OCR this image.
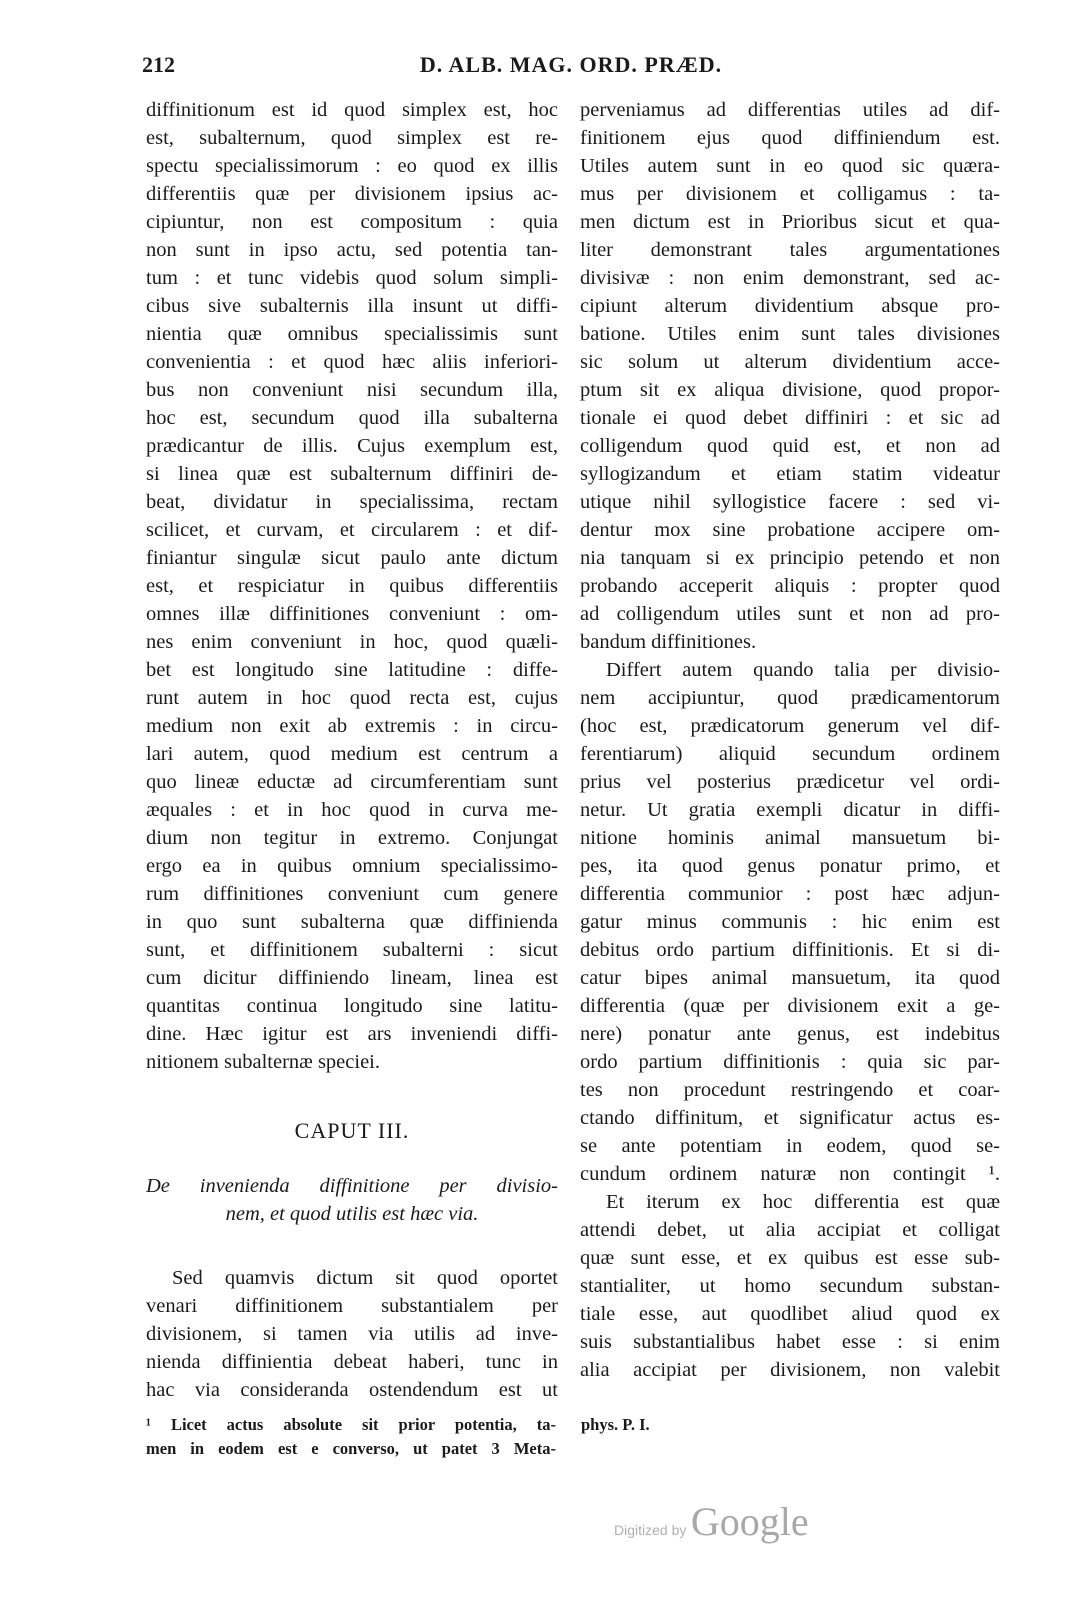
212	D. ALB. MAG. ORD. PRÆD.
diffinitionum est id quod simplex est, hoc
est, subalternum, quod simplex est re-
spectu specialissimorum : eo quod ex illis
differentiis quæ per divisionem ipsius ac-
cipiuntur, non est compositum : quia
non sunt in ipso actu, sed potentia tan-
tum : et tunc videbis quod solum simpli-
cibus sive subalternis illa insunt ut diffi-
nientia quæ omnibus specialissimis sunt
convenientia : et quod hæc aliis inferiori-
bus non conveniunt nisi secundum illa,
hoc est, secundum quod illa subalterna
prædicantur de illis. Cujus exemplum est,
si linea quæ est subalternum diffiniri de-
beat, dividatur in specialissima, rectam
scilicet, et curvam, et circularem : et dif-
finiantur singulæ sicut paulo ante dictum
est, et respiciatur in quibus differentiis
omnes illæ diffinitiones conveniunt : om-
nes enim conveniunt in hoc, quod quæli-
bet est longitudo sine latitudine : diffe-
runt autem in hoc quod recta est, cujus
medium non exit ab extremis : in circu-
lari autem, quod medium est centrum a
quo lineæ eductæ ad circumferentiam sunt
æquales : et in hoc quod in curva me-
dium non tegitur in extremo. Conjungat
ergo ea in quibus omnium specialissimo-
rum diffinitiones conveniunt cum genere
in quo sunt subalterna quæ diffinienda
sunt, et diffinitionem subalterni : sicut
cum dicitur diffiniendo lineam, linea est
quantitas continua longitudo sine latitu-
dine. Hæc igitur est ars inveniendi diffi-
nitionem subalternæ speciei.
CAPUT III.
De invenienda diffinitione per divisio-
nem, et quod utilis est hæc via.
Sed quamvis dictum sit quod oportet
venari diffinitionem substantialem per
divisionem, si tamen via utilis ad inve-
nienda diffinientia debeat haberi, tunc in
hac via consideranda ostendendum est ut
perveniamus ad differentias utiles ad dif-
finitionem ejus quod diffiniendum est.
Utiles autem sunt in eo quod sic quæra-
mus per divisionem et colligamus : ta-
men dictum est in Prioribus sicut et qua-
liter demonstrant tales argumentationes
divisivæ : non enim demonstrant, sed ac-
cipiunt alterum dividentium absque pro-
batione. Utiles enim sunt tales divisiones
sic solum ut alterum dividentium acce-
ptum sit ex aliqua divisione, quod propor-
tionale ei quod debet diffiniri : et sic ad
colligendum quod quid est, et non ad
syllogizandum et etiam statim videatur
utique nihil syllogistice facere : sed vi-
dentur mox sine probatione accipere om-
nia tanquam si ex principio petendo et non
probando acceperit aliquis : propter quod
ad colligendum utiles sunt et non ad pro-
bandum diffinitiones.
Differt autem quando talia per divisio-
nem accipiuntur, quod prædicamentorum
(hoc est, prædicatorum generum vel dif-
ferentiarum) aliquid secundum ordinem
prius vel posterius prædicetur vel ordi-
netur. Ut gratia exempli dicatur in diffi-
nitione hominis animal mansuetum bi-
pes, ita quod genus ponatur primo, et
differentia communior : post hæc adjun-
gatur minus communis : hic enim est
debitus ordo partium diffinitionis. Et si di-
catur bipes animal mansuetum, ita quod
differentia (quæ per divisionem exit a ge-
nere) ponatur ante genus, est indebitus
ordo partium diffinitionis : quia sic par-
tes non procedunt restringendo et coar-
ctando diffinitum, et significatur actus es-
se ante potentiam in eodem, quod se-
cundum ordinem naturæ non contingit ¹.
Et iterum ex hoc differentia est quæ
attendi debet, ut alia accipiat et colligat
quæ sunt esse, et ex quibus est esse sub-
stantialiter, ut homo secundum substan-
tiale esse, aut quodlibet aliud quod ex
suis substantialibus habet esse : si enim
alia accipiat per divisionem, non valebit
¹ Licet actus absolute sit prior potentia, ta-
men in eodem est e converso, ut patet 3 Meta-
phys. P. I.
Digitized by Google
